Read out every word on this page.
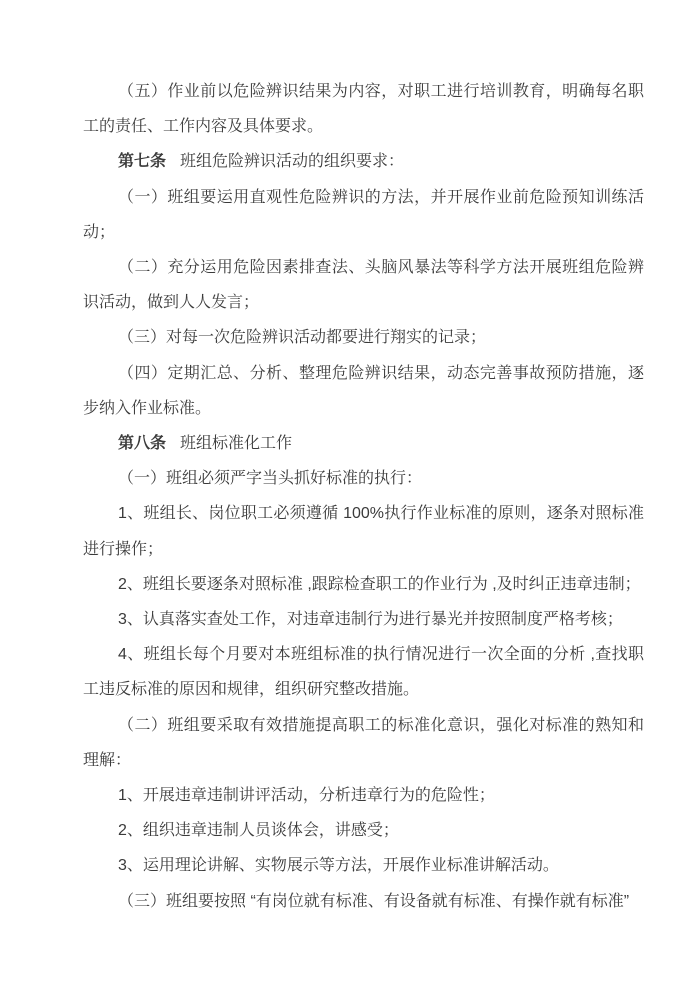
（五）作业前以危险辨识结果为内容，对职工进行培训教育，明确每名职工的责任、工作内容及具体要求。

第七条 班组危险辨识活动的组织要求：

（一）班组要运用直观性危险辨识的方法，并开展作业前危险预知训练活动；

（二）充分运用危险因素排查法、头脑风暴法等科学方法开展班组危险辨识活动，做到人人发言；

（三）对每一次危险辨识活动都要进行翔实的记录；

（四）定期汇总、分析、整理危险辨识结果，动态完善事故预防措施，逐步纳入作业标准。

第八条 班组标准化工作

（一）班组必须严字当头抓好标准的执行：

1、班组长、岗位职工必须遵循 100%执行作业标准的原则，逐条对照标准进行操作；

2、班组长要逐条对照标准 ,跟踪检查职工的作业行为 ,及时纠正违章违制；

3、认真落实查处工作，对违章违制行为进行暴光并按照制度严格考核；

4、班组长每个月要对本班组标准的执行情况进行一次全面的分析 ,查找职工违反标准的原因和规律，组织研究整改措施。

（二）班组要采取有效措施提高职工的标准化意识，强化对标准的熟知和理解：

1、开展违章违制讲评活动，分析违章行为的危险性；

2、组织违章违制人员谈体会，讲感受；

3、运用理论讲解、实物展示等方法，开展作业标准讲解活动。

（三）班组要按照 “有岗位就有标准、有设备就有标准、有操作就有标准”
